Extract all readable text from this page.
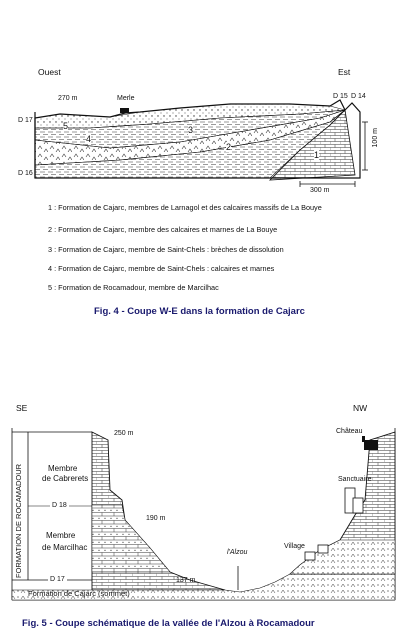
Ouest	Est
270 m	Merle	D 15 D 14
D 17
D 16
5
4
3
2
1
100 m
300 m
1 : Formation de Cajarc, membres de Larnagol et des calcaires massifs de La Bouye
2 : Formation de Cajarc, membre des calcaires et marnes de La Bouye
3 : Formation de Cajarc, membre de Saint-Chels : brèches de dissolution
4 : Formation de Cajarc, membre de Saint-Chels : calcaires et marnes
5 : Formation de Rocamadour, membre de Marcilhac
Fig. 4 - Coupe W-E dans la formation de Cajarc
SE	NW
250 m	Château
FORMATION DE ROCAMADOUR	Membre
de Cabrerets
D 18
190 m
Sanctuaire
Membre
de Marcilhac
l'Alzou
Village
D 17	137 m
Formation de Cajarc (sommet)
Fig. 5 - Coupe schématique de la vallée de l'Alzou à Rocamadour
